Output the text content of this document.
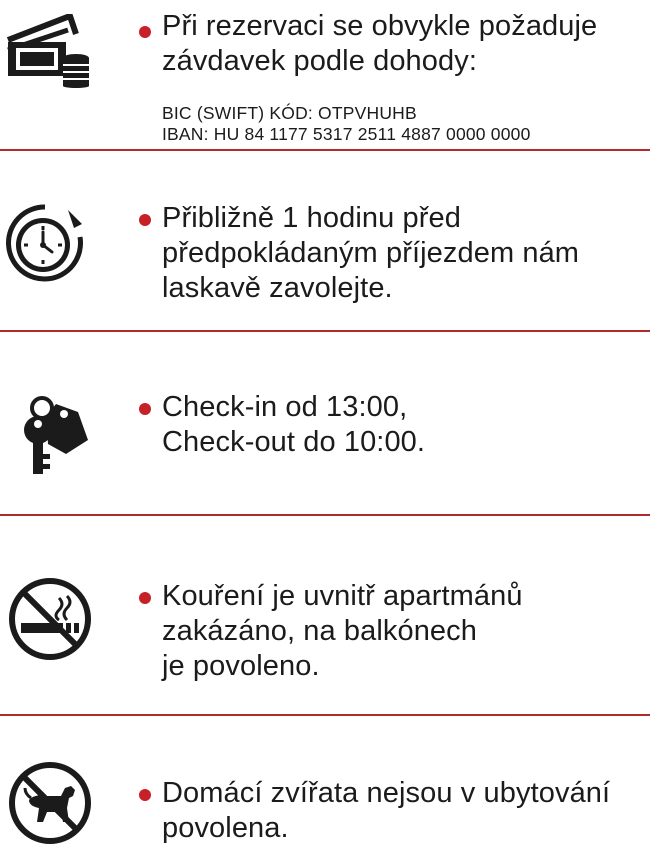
Při rezervaci se obvykle požaduje
závdavek podle dohody:
BIC (SWIFT) KÓD: OTPVHUHB
IBAN: HU 84 1177 5317 2511 4887 0000 0000
Přibližně 1 hodinu před
předpokládaným příjezdem nám
laskavě zavolejte.
Check-in od 13:00,
Check-out do 10:00.
Kouření je uvnitř apartmánů
zakázáno, na balkónech
je povoleno.
Domácí zvířata nejsou v ubytování
povolena.
